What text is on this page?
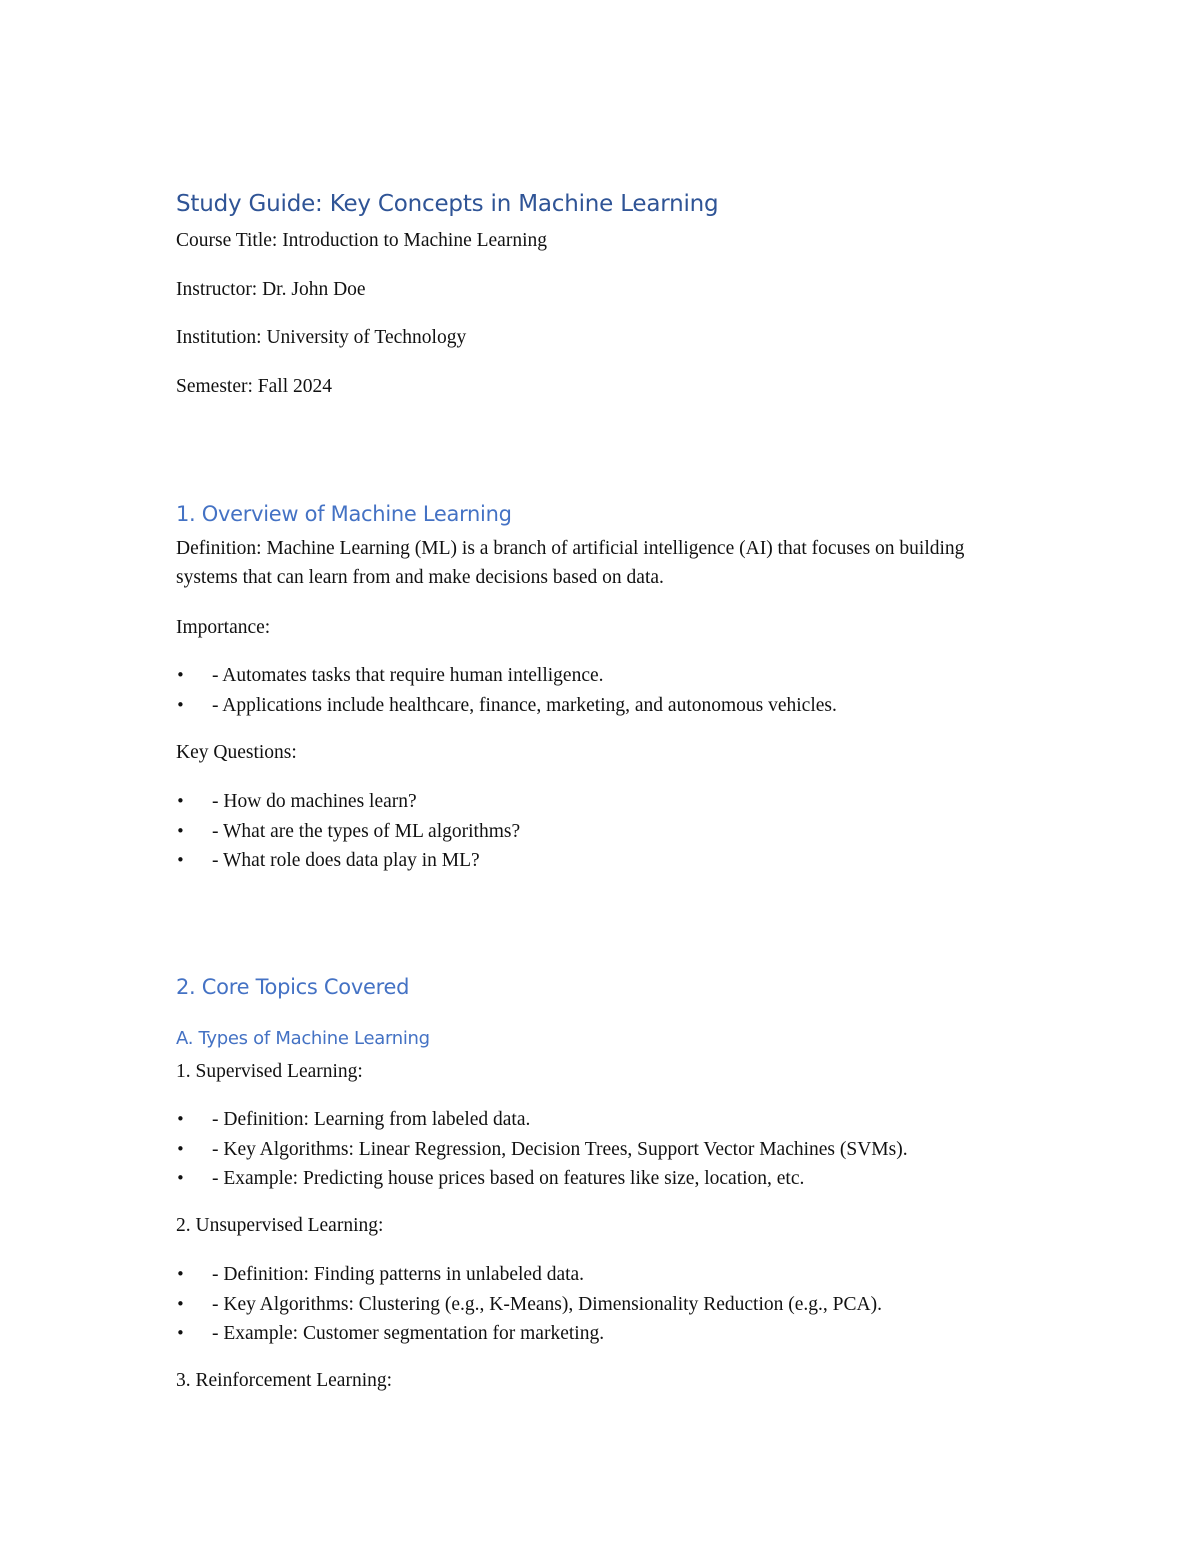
Study Guide: Key Concepts in Machine Learning

Course Title: Introduction to Machine Learning

Instructor: Dr. John Doe

Institution: University of Technology

Semester: Fall 2024

1. Overview of Machine Learning

Definition: Machine Learning (ML) is a branch of artificial intelligence (AI) that focuses on building systems that can learn from and make decisions based on data.

Importance:

• - Automates tasks that require human intelligence.
• - Applications include healthcare, finance, marketing, and autonomous vehicles.

Key Questions:

• - How do machines learn?
• - What are the types of ML algorithms?
• - What role does data play in ML?
2. Core Topics Covered
A. Types of Machine Learning

1. Supervised Learning:

• - Definition: Learning from labeled data.
• - Key Algorithms: Linear Regression, Decision Trees, Support Vector Machines (SVMs).
• - Example: Predicting house prices based on features like size, location, etc.

2. Unsupervised Learning:

• - Definition: Finding patterns in unlabeled data.
• - Key Algorithms: Clustering (e.g., K-Means), Dimensionality Reduction (e.g., PCA).
• - Example: Customer segmentation for marketing.

3. Reinforcement Learning:
